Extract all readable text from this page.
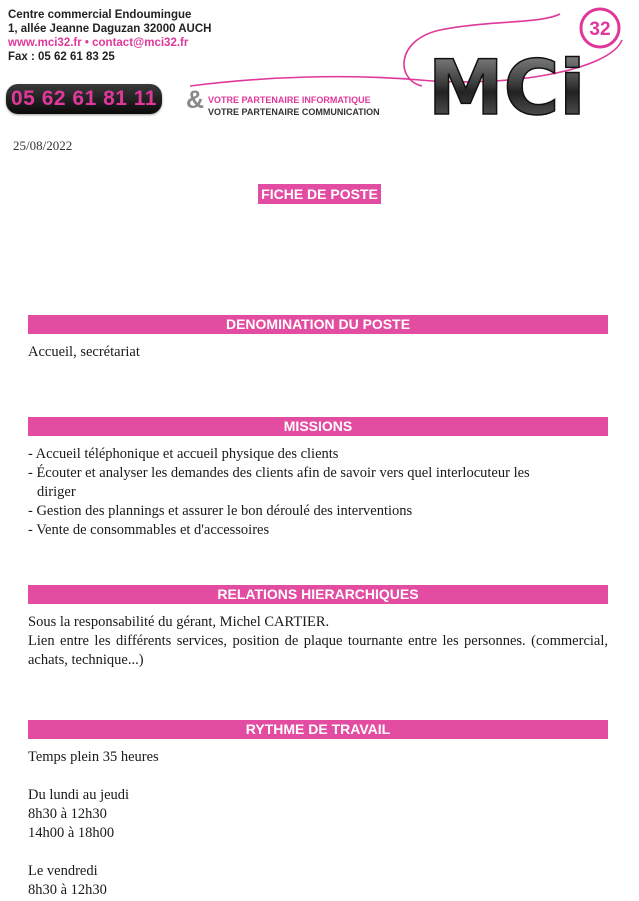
Centre commercial Endoumingue
1, allée Jeanne Daguzan 32000 AUCH
www.mci32.fr • contact@mci32.fr
Fax : 05 62 61 83 25
05 62 61 81 11	MCi
32
& VOTRE PARTENAIRE INFORMATIQUE
VOTRE PARTENAIRE COMMUNICATION
25/08/2022
FICHE DE POSTE
DENOMINATION DU POSTE
Accueil, secrétariat
MISSIONS
- Accueil téléphonique et accueil physique des clients
- Écouter et analyser les demandes des clients afin de savoir vers quel interlocuteur les
diriger
- Gestion des plannings et assurer le bon déroulé des interventions
- Vente de consommables et d'accessoires
RELATIONS HIERARCHIQUES
Sous la responsabilité du gérant, Michel CARTIER.
Lien entre les différents services, position de plaque tournante entre les personnes. (commercial, achats, technique...)
RYTHME DE TRAVAIL
Temps plein 35 heures
Du lundi au jeudi
8h30 à 12h30
14h00 à 18h00
Le vendredi
8h30 à 12h30
